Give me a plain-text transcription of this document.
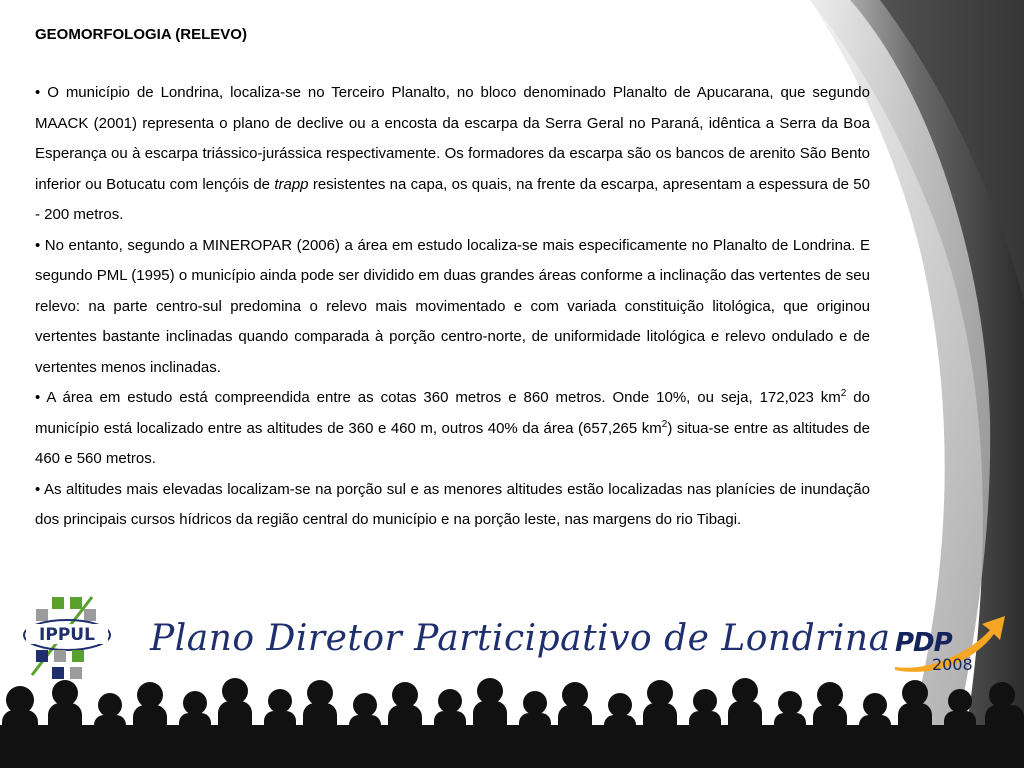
GEOMORFOLOGIA (RELEVO)

• O município de Londrina, localiza-se no Terceiro Planalto, no bloco denominado Planalto de Apucarana, que segundo MAACK (2001) representa o plano de declive ou a encosta da escarpa da Serra Geral no Paraná, idêntica a Serra da Boa Esperança ou à escarpa triássico-jurássica respectivamente. Os formadores da escarpa são os bancos de arenito São Bento inferior ou Botucatu com lençóis de trapp resistentes na capa, os quais, na frente da escarpa, apresentam a espessura de 50 - 200 metros.

• No entanto, segundo a MINEROPAR (2006) a área em estudo localiza-se mais especificamente no Planalto de Londrina. E segundo PML (1995) o município ainda pode ser dividido em duas grandes áreas conforme a inclinação das vertentes de seu relevo: na parte centro-sul predomina o relevo mais movimentado e com variada constituição litológica, que originou vertentes bastante inclinadas quando comparada à porção centro-norte, de uniformidade litológica e relevo ondulado e de vertentes menos inclinadas.

• A área em estudo está compreendida entre as cotas 360 metros e 860 metros. Onde 10%, ou seja, 172,023 $km^2$ do município está localizado entre as altitudes de 360 e 460 m, outros 40% da área (657,265 $km^2$) situa-se entre as altitudes de 460 e 560 metros.

• As altitudes mais elevadas localizam-se na porção sul e as menores altitudes estão localizadas nas planícies de inundação dos principais cursos hídricos da região central do município e na porção leste, nas margens do rio Tibagi.

IPPUL Plano Diretor Participativo de Londrina PDP
2008
